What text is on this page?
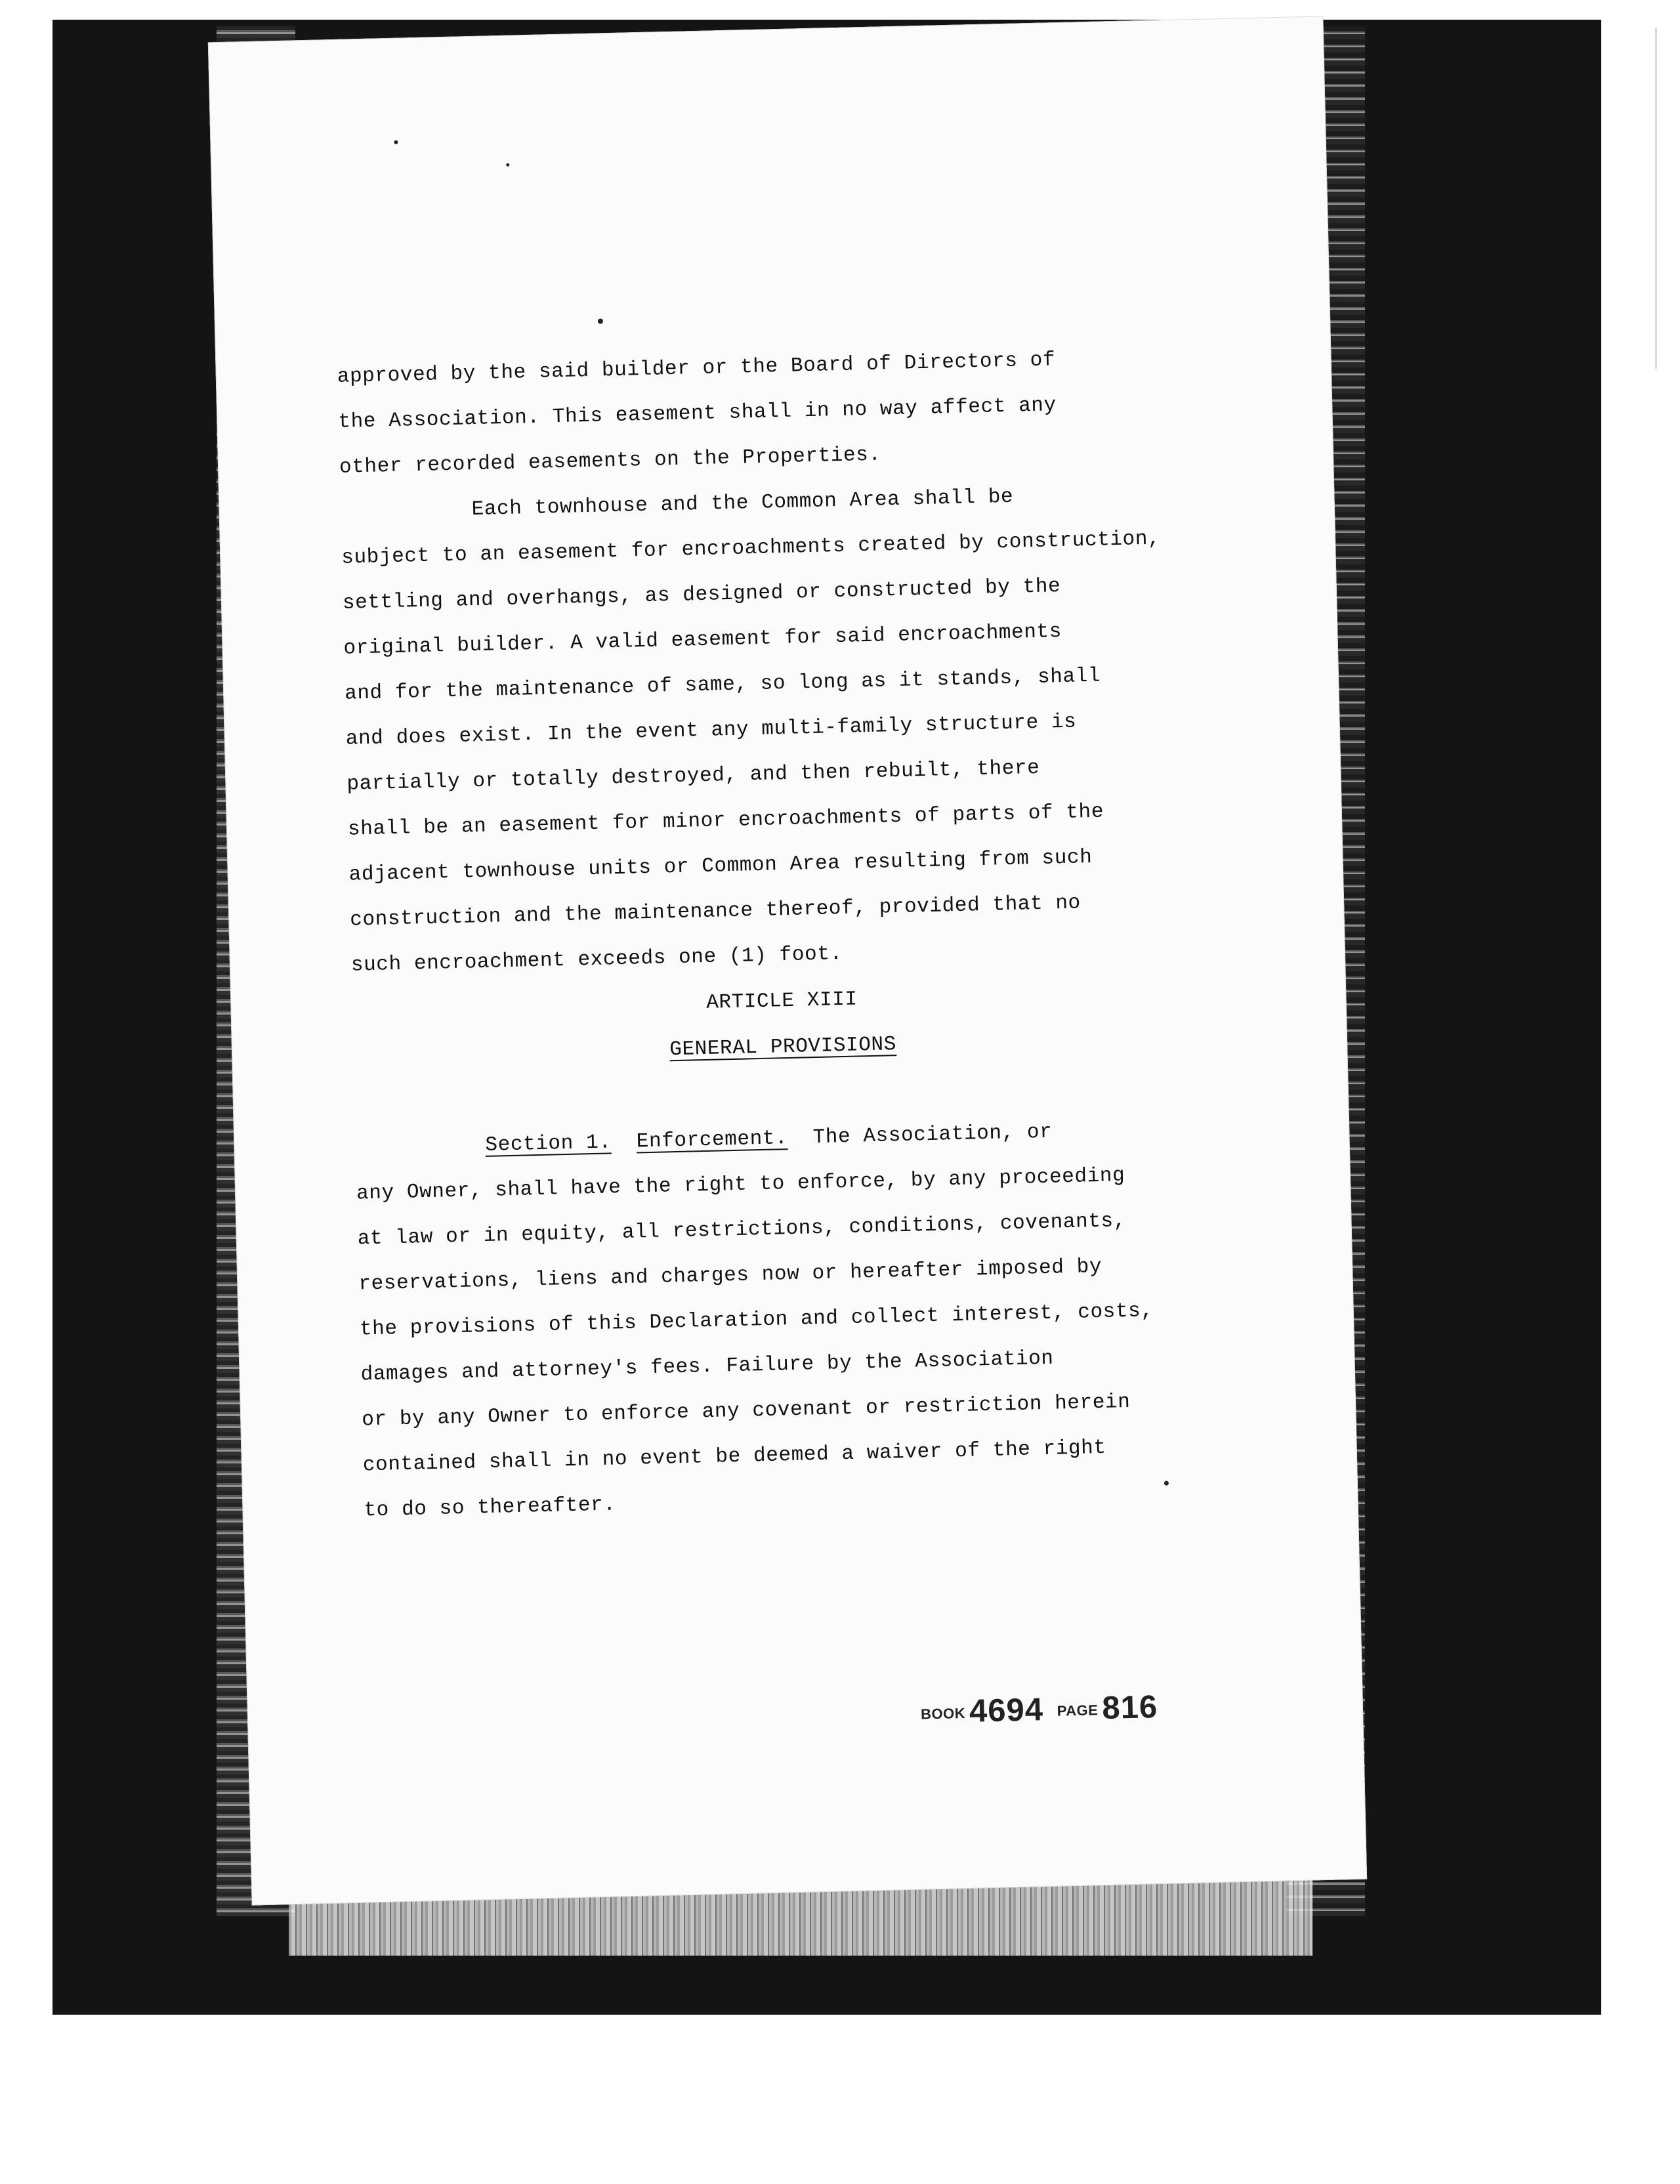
approved by the said builder or the Board of Directors of
the Association. This easement shall in no way affect any
other recorded easements on the Properties.
Each townhouse and the Common Area shall be
subject to an easement for encroachments created by construction,
settling and overhangs, as designed or constructed by the
original builder. A valid easement for said encroachments
and for the maintenance of same, so long as it stands, shall
and does exist. In the event any multi-family structure is
partially or totally destroyed, and then rebuilt, there
shall be an easement for minor encroachments of parts of the
adjacent townhouse units or Common Area resulting from such
construction and the maintenance thereof, provided that no
such encroachment exceeds one (1) foot.
ARTICLE XIII
GENERAL PROVISIONS
Section 1. Enforcement. The Association, or
any Owner, shall have the right to enforce, by any proceeding
at law or in equity, all restrictions, conditions, covenants,
reservations, liens and charges now or hereafter imposed by
the provisions of this Declaration and collect interest, costs,
damages and attorney's fees. Failure by the Association
or by any Owner to enforce any covenant or restriction herein
contained shall in no event be deemed a waiver of the right
to do so thereafter.
BOOK 4694 PAGE 816
